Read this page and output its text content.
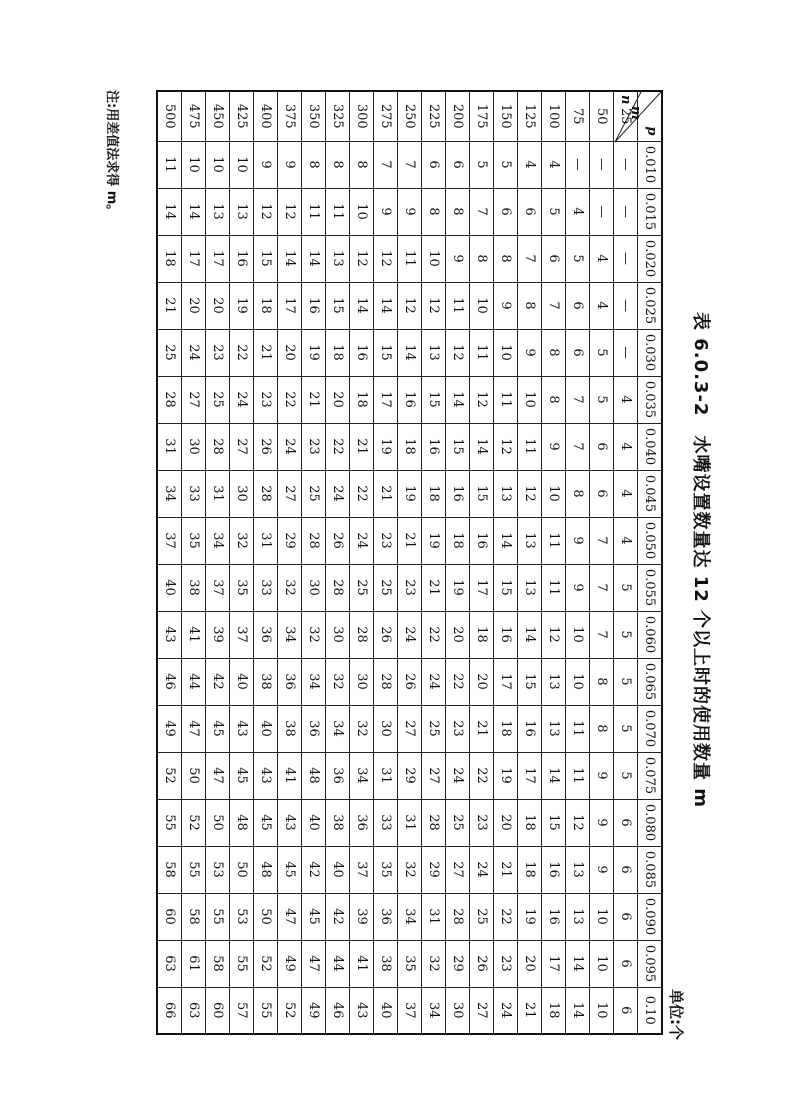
表 6.0.3-2　水嘴设置数量达 12 个以上时的使用数量 m
单位:个
p
m
n	0.010	0.015	0.020	0.025	0.030	0.035	0.040	0.045	0.050	0.055	0.060	0.065	0.070	0.075	0.080	0.085	0.090	0.095	0.10
25	—	—	—	—	—	4	4	4	4	5	5	5	5	5	6	6	6	6	6
50	—	—	4	4	5	5	6	6	7	7	7	8	8	9	9	9	10	10	10
75	—	4	5	6	6	7	7	8	9	9	10	10	11	11	12	13	13	14	14
100	4	5	6	7	8	8	9	10	11	11	12	13	13	14	15	16	16	17	18
125	4	6	7	8	9	10	11	12	13	13	14	15	16	17	18	18	19	20	21
150	5	6	8	9	10	11	12	13	14	15	16	17	18	19	20	21	22	23	24
175	5	7	8	10	11	12	14	15	16	17	18	20	21	22	23	24	25	26	27
200	6	8	9	11	12	14	15	16	18	19	20	22	23	24	25	27	28	29	30
225	6	8	10	12	13	15	16	18	19	21	22	24	25	27	28	29	31	32	34
250	7	9	11	12	14	16	18	19	21	23	24	26	27	29	31	32	34	35	37
275	7	9	12	14	15	17	19	21	23	25	26	28	30	31	33	35	36	38	40
300	8	10	12	14	16	18	21	22	24	25	28	30	32	34	36	37	39	41	43
325	8	11	13	15	18	20	22	24	26	28	30	32	34	36	38	40	42	44	46
350	8	11	14	16	19	21	23	25	28	30	32	34	36	48	40	42	45	47	49
375	9	12	14	17	20	22	24	27	29	32	34	36	38	41	43	45	47	49	52
400	9	12	15	18	21	23	26	28	31	33	36	38	40	43	45	48	50	52	55
425	10	13	16	19	22	24	27	30	32	35	37	40	43	45	48	50	53	55	57
450	10	13	17	20	23	25	28	31	34	37	39	42	45	47	50	53	55	58	60
475	10	14	17	20	24	27	30	33	35	38	41	44	47	50	52	55	58	61	63
500	11	14	18	21	25	28	31	34	37	40	43	46	49	52	55	58	60	63	66
注:用差值法求得 m。
